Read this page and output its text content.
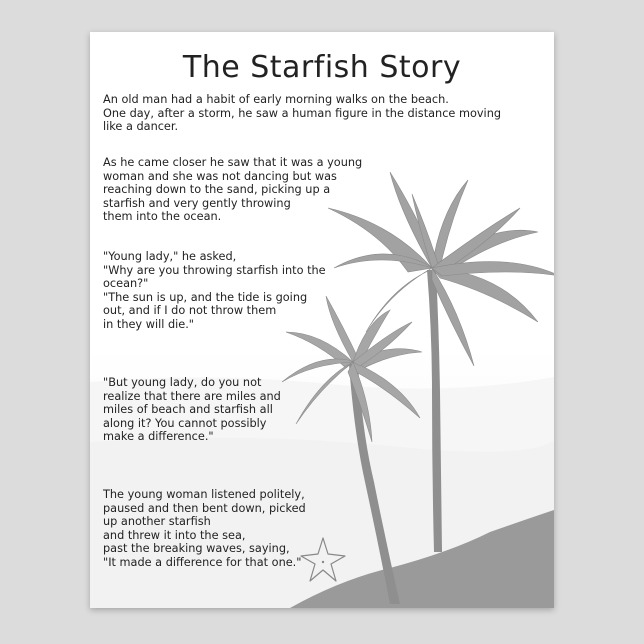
The Starfish Story
An old man had a habit of early morning walks on the beach.
One day, after a storm, he saw a human figure in the distance moving
like a dancer.
As he came closer he saw that it was a young
woman and she was not dancing but was
reaching down to the sand, picking up a
starfish and very gently throwing
them into the ocean.
"Young lady," he asked,
"Why are you throwing starfish into the
ocean?"
"The sun is up, and the tide is going
out, and if I do not throw them
in they will die."
"But young lady, do you not
realize that there are miles and
miles of beach and starfish all
along it? You cannot possibly
make a difference."
The young woman listened politely,
paused and then bent down, picked
up another starfish
and threw it into the sea,
past the breaking waves, saying,
"It made a difference for that one."
